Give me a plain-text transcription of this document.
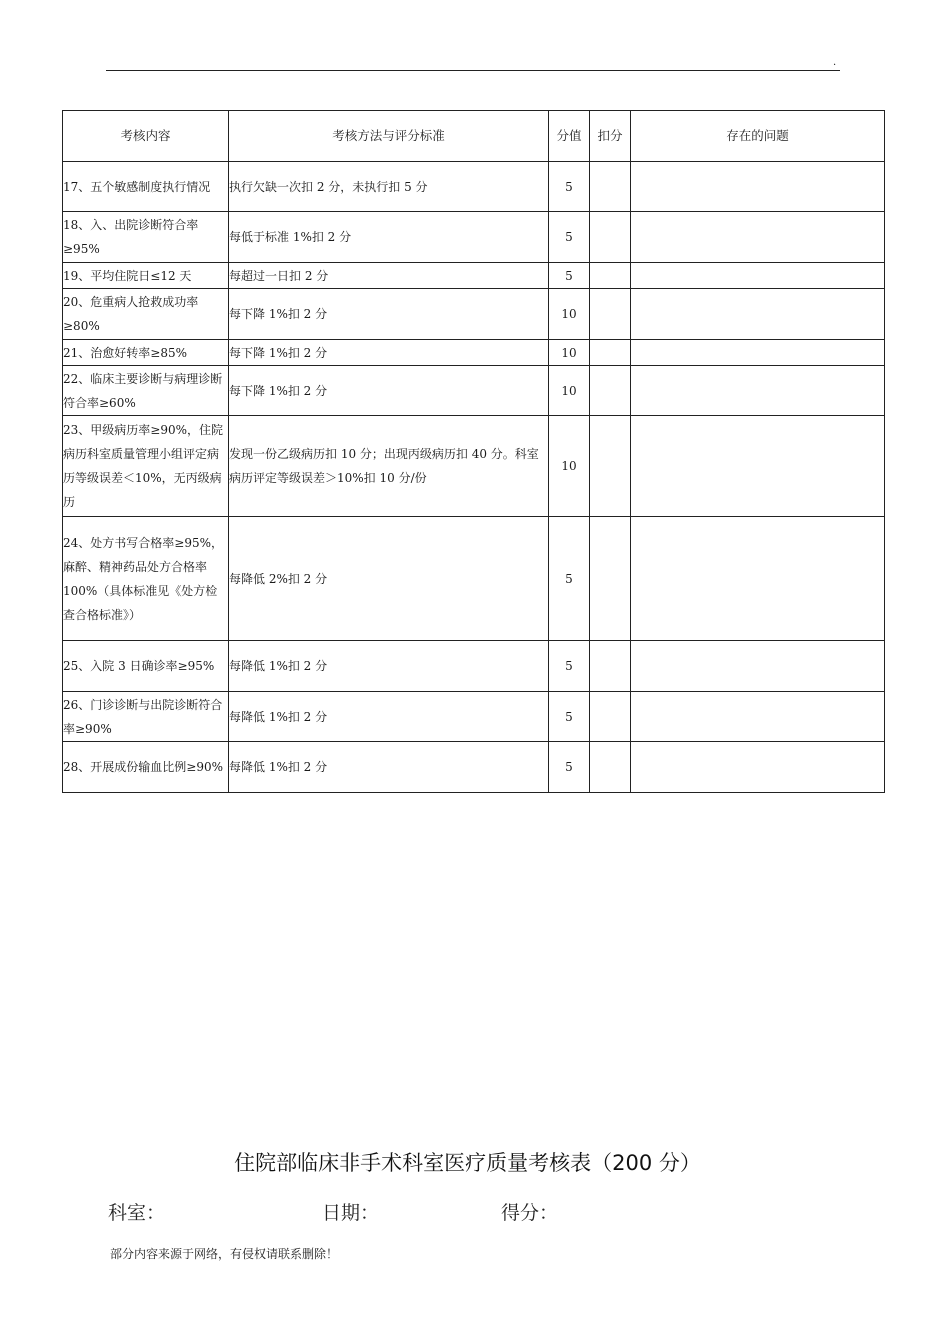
.
考核内容	考核方法与评分标准	分值	扣分	存在的问题
17、五个敏感制度执行情况	执行欠缺一次扣 2 分，未执行扣 5 分	5		
18、入、出院诊断符合率≥95%	每低于标准 1%扣 2 分	5		
19、平均住院日≤12 天	每超过一日扣 2 分	5		
20、危重病人抢救成功率≥80%	每下降 1%扣 2 分	10		
21、治愈好转率≥85%	每下降 1%扣 2 分	10		
22、临床主要诊断与病理诊断符合率≥60%	每下降 1%扣 2 分	10		
23、甲级病历率≥90%，住院病历科室质量管理小组评定病历等级误差＜10%，无丙级病历	发现一份乙级病历扣 10 分；出现丙级病历扣 40 分。科室病历评定等级误差＞10%扣 10 分/份	10		
24、处方书写合格率≥95%，麻醉、精神药品处方合格率 100%（具体标准见《处方检查合格标准》）	每降低 2%扣 2 分	5		
25、入院 3 日确诊率≥95%	每降低 1%扣 2 分	5		
26、门诊诊断与出院诊断符合率≥90%	每降低 1%扣 2 分	5		
28、开展成份输血比例≥90%	每降低 1%扣 2 分	5		
住院部临床非手术科室医疗质量考核表（200 分）
科室：	日期：	得分：
部分内容来源于网络，有侵权请联系删除！
